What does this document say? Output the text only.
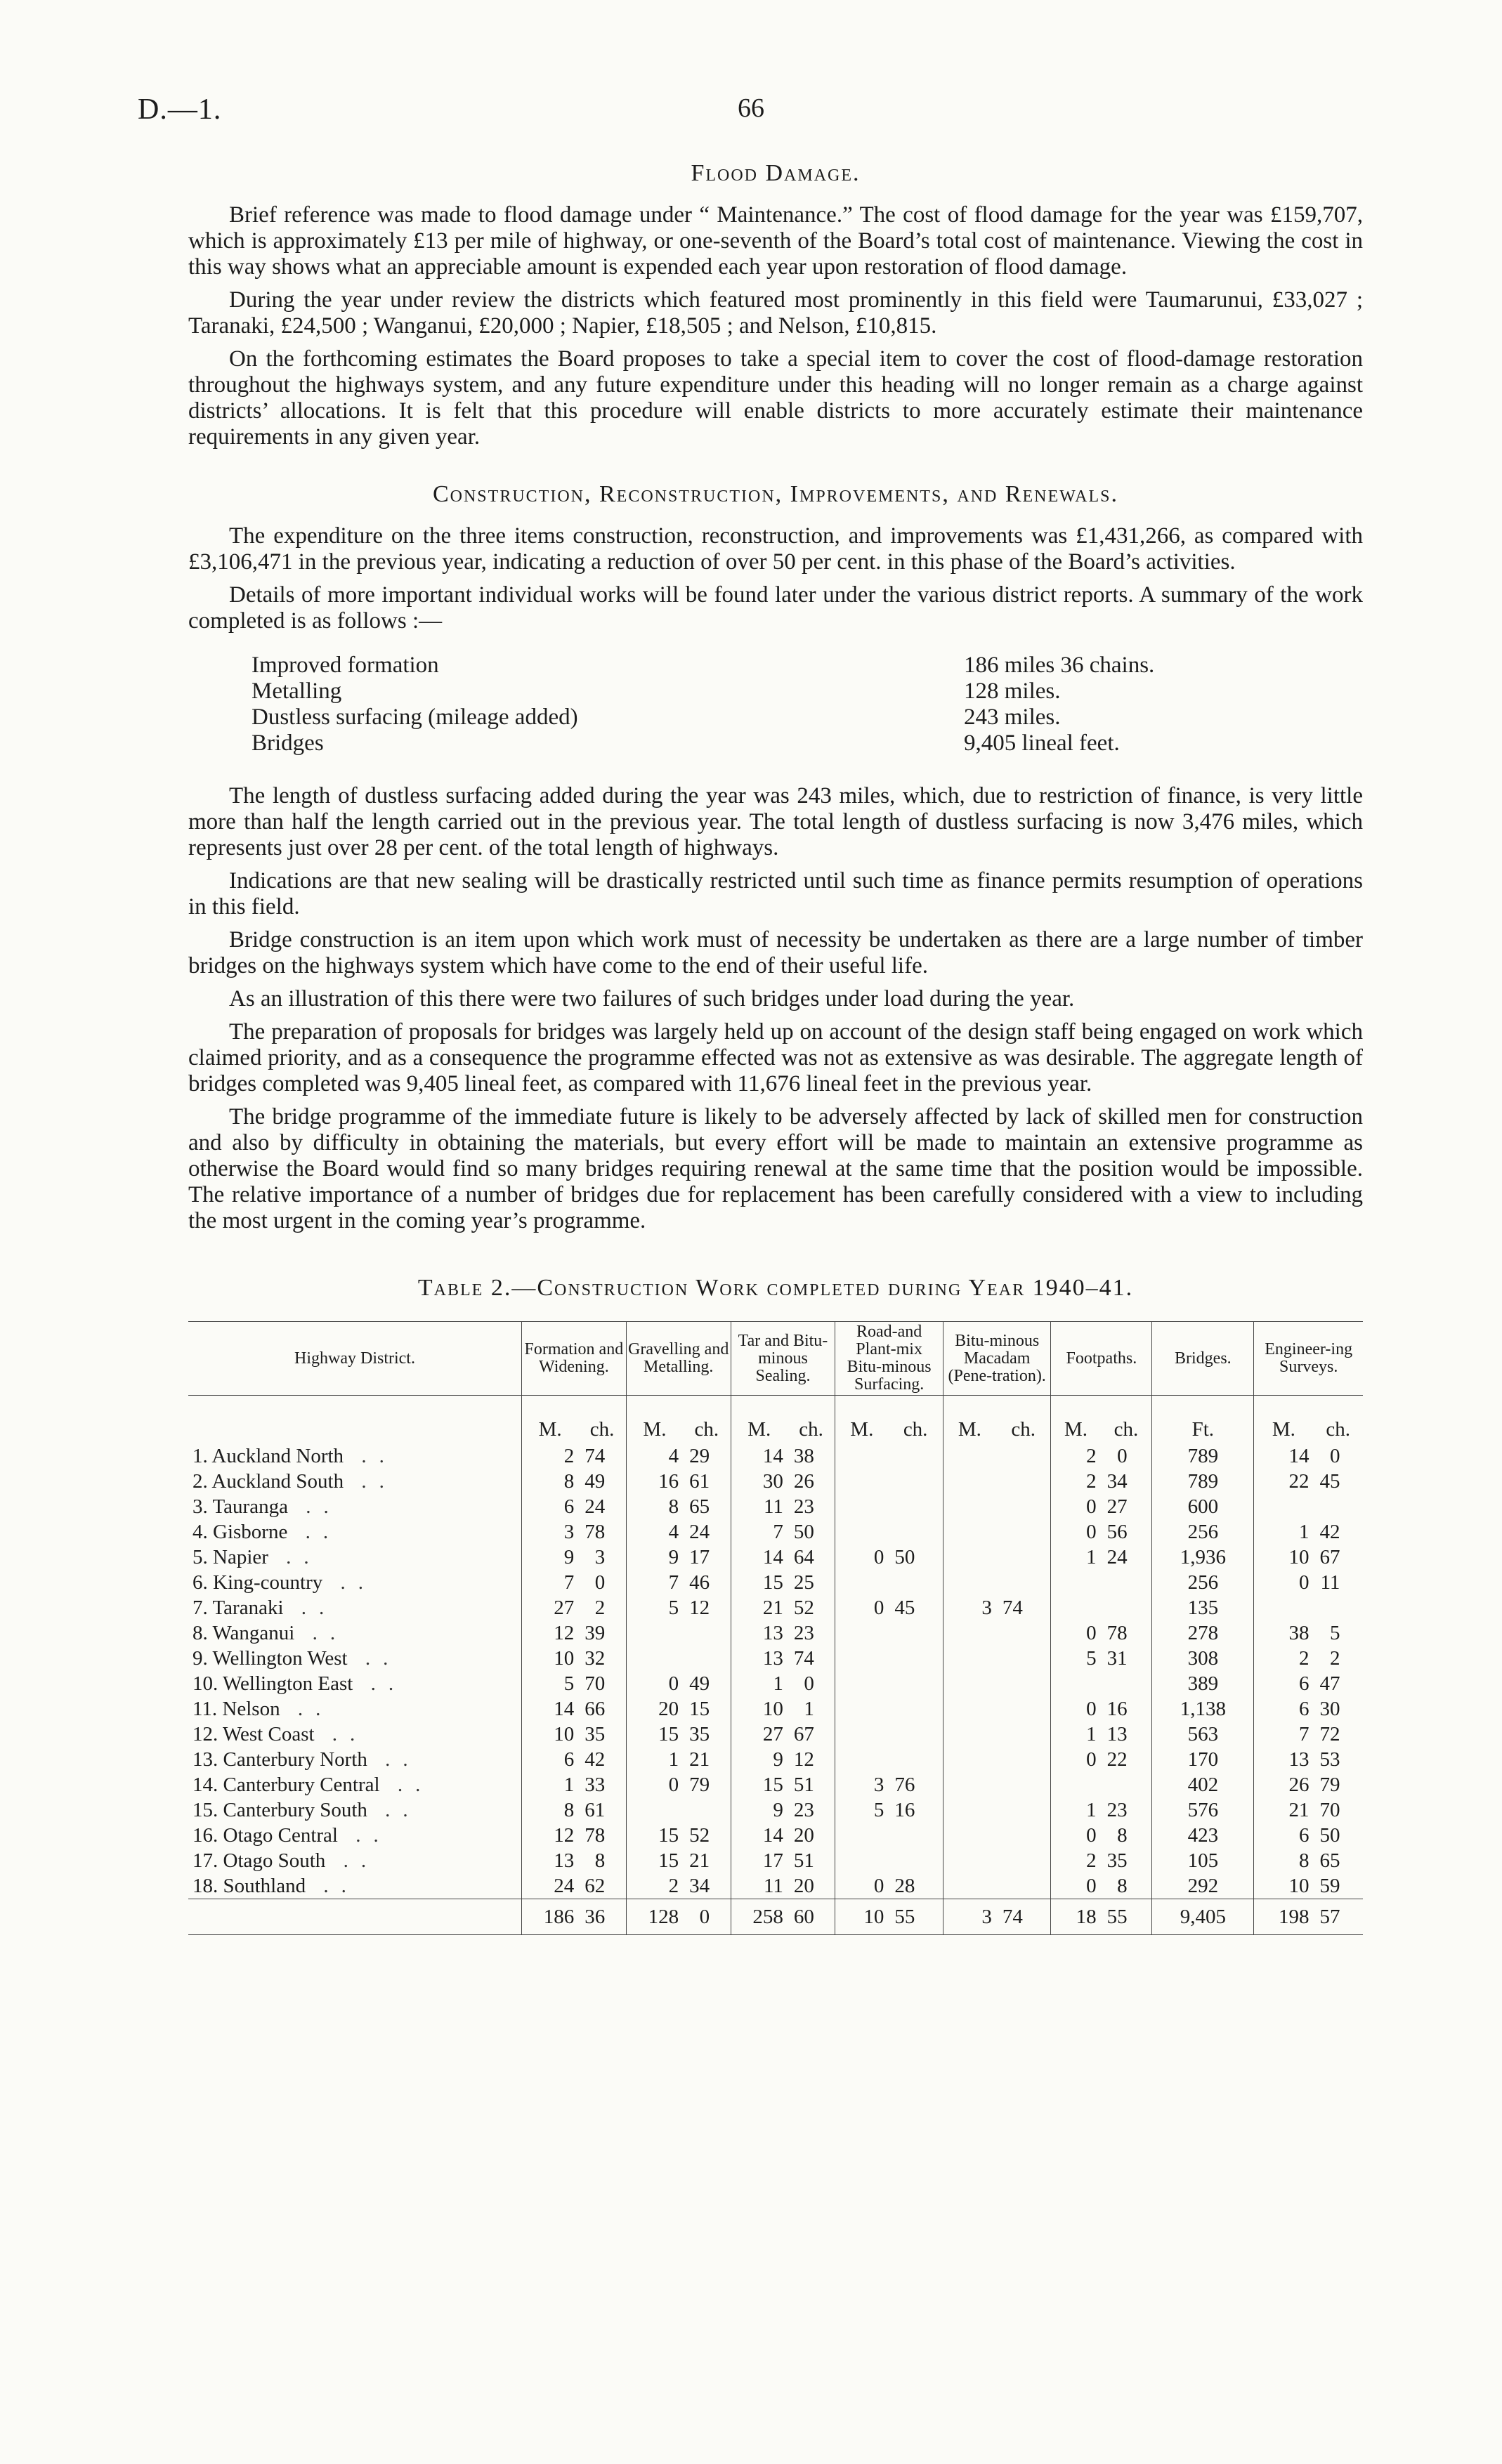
D.—1.	66
Flood Damage.

Brief reference was made to flood damage under “ Maintenance.” The cost of flood damage for the year was £159,707, which is approximately £13 per mile of highway, or one-seventh of the Board’s total cost of maintenance. Viewing the cost in this way shows what an appreciable amount is expended each year upon restoration of flood damage.

During the year under review the districts which featured most prominently in this field were Taumarunui, £33,027 ; Taranaki, £24,500 ; Wanganui, £20,000 ; Napier, £18,505 ; and Nelson, £10,815.

On the forthcoming estimates the Board proposes to take a special item to cover the cost of flood-damage restoration throughout the highways system, and any future expenditure under this heading will no longer remain as a charge against districts’ allocations. It is felt that this procedure will enable districts to more accurately estimate their maintenance requirements in any given year.

Construction, Reconstruction, Improvements, and Renewals.

The expenditure on the three items construction, reconstruction, and improvements was £1,431,266, as compared with £3,106,471 in the previous year, indicating a reduction of over 50 per cent. in this phase of the Board’s activities.

Details of more important individual works will be found later under the various district reports. A summary of the work completed is as follows :—

Improved formation	186 miles 36 chains.
Metalling	128 miles.
Dustless surfacing (mileage added)	243 miles.
Bridges	9,405 lineal feet.

The length of dustless surfacing added during the year was 243 miles, which, due to restriction of finance, is very little more than half the length carried out in the previous year. The total length of dustless surfacing is now 3,476 miles, which represents just over 28 per cent. of the total length of highways.

Indications are that new sealing will be drastically restricted until such time as finance permits resumption of operations in this field.

Bridge construction is an item upon which work must of necessity be undertaken as there are a large number of timber bridges on the highways system which have come to the end of their useful life.

As an illustration of this there were two failures of such bridges under load during the year.

The preparation of proposals for bridges was largely held up on account of the design staff being engaged on work which claimed priority, and as a consequence the programme effected was not as extensive as was desirable. The aggregate length of bridges completed was 9,405 lineal feet, as compared with 11,676 lineal feet in the previous year.

The bridge programme of the immediate future is likely to be adversely affected by lack of skilled men for construction and also by difficulty in obtaining the materials, but every effort will be made to maintain an extensive programme as otherwise the Board would find so many bridges requiring renewal at the same time that the position would be impossible. The relative importance of a number of bridges due for replacement has been carefully considered with a view to including the most urgent in the coming year’s programme.

Table 2.—Construction Work completed during Year 1940–41.
Highway District.	Formation and Widening.		Gravelling and Metalling.		Tar and Bitu-minous Sealing.		Road-and Plant-mix Bitu-minous Surfacing.		Bitu-minous Macadam (Pene-tration).		Footpaths.		Bridges.	Engineer-ing Surveys.	
	M.	ch.	M.	ch.	M.	ch.	M.	ch.	M.	ch.	M.	ch.	Ft.	M.	ch.
1. Auckland North ..	2	74	4	29	14	38					2	0	789	14	0
2. Auckland South ..	8	49	16	61	30	26					2	34	789	22	45
3. Tauranga ..	6	24	8	65	11	23					0	27	600		
4. Gisborne ..	3	78	4	24	7	50					0	56	256	1	42
5. Napier ..	9	3	9	17	14	64	0	50			1	24	1,936	10	67
6. King-country ..	7	0	7	46	15	25							256	0	11
7. Taranaki ..	27	2	5	12	21	52	0	45	3	74			135		
8. Wanganui ..	12	39			13	23					0	78	278	38	5
9. Wellington West ..	10	32			13	74					5	31	308	2	2
10. Wellington East ..	5	70	0	49	1	0							389	6	47
11. Nelson ..	14	66	20	15	10	1					0	16	1,138	6	30
12. West Coast ..	10	35	15	35	27	67					1	13	563	7	72
13. Canterbury North ..	6	42	1	21	9	12					0	22	170	13	53
14. Canterbury Central ..	1	33	0	79	15	51	3	76					402	26	79
15. Canterbury South ..	8	61			9	23	5	16			1	23	576	21	70
16. Otago Central ..	12	78	15	52	14	20					0	8	423	6	50
17. Otago South ..	13	8	15	21	17	51					2	35	105	8	65
18. Southland ..	24	62	2	34	11	20	0	28			0	8	292	10	59
	186	36	128	0	258	60	10	55	3	74	18	55	9,405	198	57
